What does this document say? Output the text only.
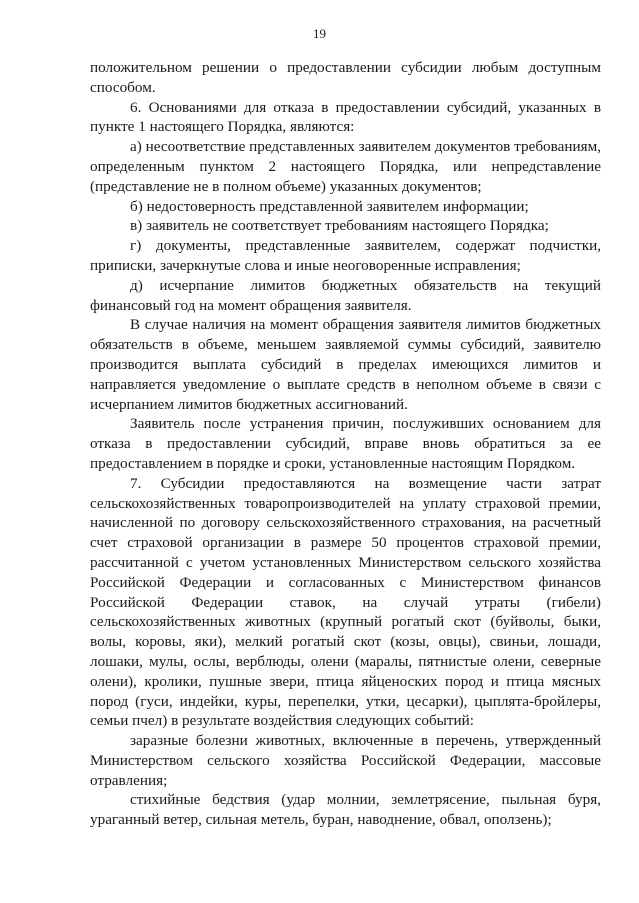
19

положительном решении о предоставлении субсидии любым доступным способом.

6. Основаниями для отказа в предоставлении субсидий, указанных в пункте 1 настоящего Порядка, являются:

а) несоответствие представленных заявителем документов требованиям, определенным пунктом 2 настоящего Порядка, или непредставление (представление не в полном объеме) указанных документов;

б) недостоверность представленной заявителем информации;

в) заявитель не соответствует требованиям настоящего Порядка;

г) документы, представленные заявителем, содержат подчистки, приписки, зачеркнутые слова и иные неоговоренные исправления;

д) исчерпание лимитов бюджетных обязательств на текущий финансовый год на момент обращения заявителя.

В случае наличия на момент обращения заявителя лимитов бюджетных обязательств в объеме, меньшем заявляемой суммы субсидий, заявителю производится выплата субсидий в пределах имеющихся лимитов и направляется уведомление о выплате средств в неполном объеме в связи с исчерпанием лимитов бюджетных ассигнований.

Заявитель после устранения причин, послуживших основанием для отказа в предоставлении субсидий, вправе вновь обратиться за ее предоставлением в порядке и сроки, установленные настоящим Порядком.

7. Субсидии предоставляются на возмещение части затрат сельскохозяйственных товаропроизводителей на уплату страховой премии, начисленной по договору сельскохозяйственного страхования, на расчетный счет страховой организации в размере 50 процентов страховой премии, рассчитанной с учетом установленных Министерством сельского хозяйства Российской Федерации и согласованных с Министерством финансов Российской Федерации ставок, на случай утраты (гибели) сельскохозяйственных животных (крупный рогатый скот (буйволы, быки, волы, коровы, яки), мелкий рогатый скот (козы, овцы), свиньи, лошади, лошаки, мулы, ослы, верблюды, олени (маралы, пятнистые олени, северные олени), кролики, пушные звери, птица яйценоских пород и птица мясных пород (гуси, индейки, куры, перепелки, утки, цесарки), цыплята-бройлеры, семьи пчел) в результате воздействия следующих событий:

заразные болезни животных, включенные в перечень, утвержденный Министерством сельского хозяйства Российской Федерации, массовые отравления;

стихийные бедствия (удар молнии, землетрясение, пыльная буря, ураганный ветер, сильная метель, буран, наводнение, обвал, оползень);
